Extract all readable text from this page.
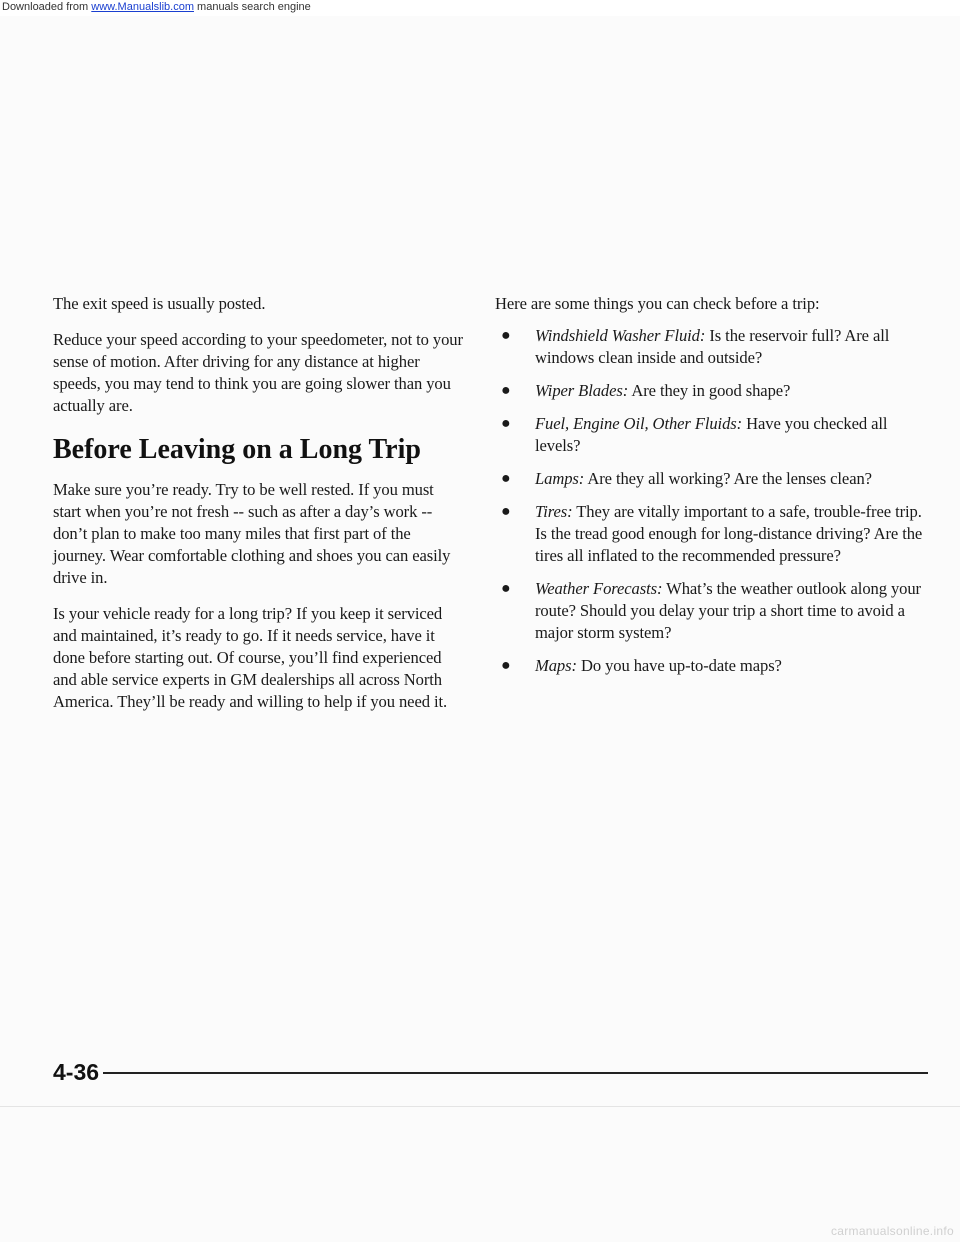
Downloaded from www.Manualslib.com manuals search engine

The exit speed is usually posted.

Reduce your speed according to your speedometer, not to your sense of motion. After driving for any distance at higher speeds, you may tend to think you are going slower than you actually are.

Before Leaving on a Long Trip

Make sure you’re ready. Try to be well rested. If you must start when you’re not fresh -- such as after a day’s work -- don’t plan to make too many miles that first part of the journey. Wear comfortable clothing and shoes you can easily drive in.

Is your vehicle ready for a long trip? If you keep it serviced and maintained, it’s ready to go. If it needs service, have it done before starting out. Of course, you’ll find experienced and able service experts in GM dealerships all across North America. They’ll be ready and willing to help if you need it.

Here are some things you can check before a trip:

● Windshield Washer Fluid: Is the reservoir full? Are all windows clean inside and outside?
● Wiper Blades: Are they in good shape?
● Fuel, Engine Oil, Other Fluids: Have you checked all levels?
● Lamps: Are they all working? Are the lenses clean?
● Tires: They are vitally important to a safe, trouble-free trip. Is the tread good enough for long-distance driving? Are the tires all inflated to the recommended pressure?
● Weather Forecasts: What’s the weather outlook along your route? Should you delay your trip a short time to avoid a major storm system?
● Maps: Do you have up-to-date maps?
4-36
carmanualsonline.info
